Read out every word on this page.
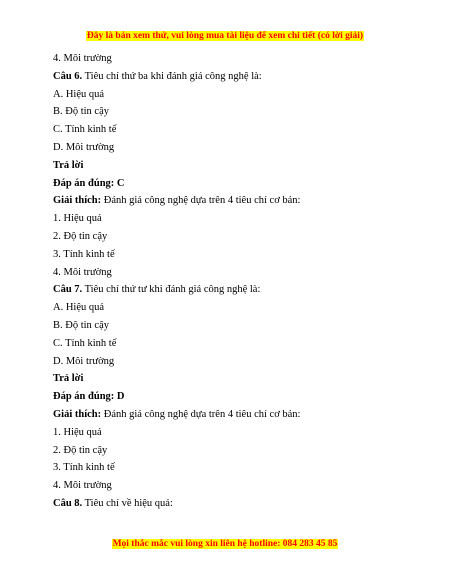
Đây là bản xem thử, vui lòng mua tài liệu để xem chi tiết (có lời giải)
4. Môi trường
Câu 6. Tiêu chí thứ ba khi đánh giá công nghệ là:
A. Hiệu quả
B. Độ tin cậy
C. Tính kinh tế
D. Môi trường
Trả lời
Đáp án đúng: C
Giải thích: Đánh giá công nghệ dựa trên 4 tiêu chí cơ bản:
1. Hiệu quả
2. Độ tin cậy
3. Tính kinh tế
4. Môi trường
Câu 7. Tiêu chí thứ tư khi đánh giá công nghệ là:
A. Hiệu quả
B. Độ tin cậy
C. Tính kinh tế
D. Môi trường
Trả lời
Đáp án đúng: D
Giải thích: Đánh giá công nghệ dựa trên 4 tiêu chí cơ bản:
1. Hiệu quả
2. Độ tin cậy
3. Tính kinh tế
4. Môi trường
Câu 8. Tiêu chí về hiệu quả:
Mọi thắc mắc vui lòng xin liên hệ hotline: 084 283 45 85
